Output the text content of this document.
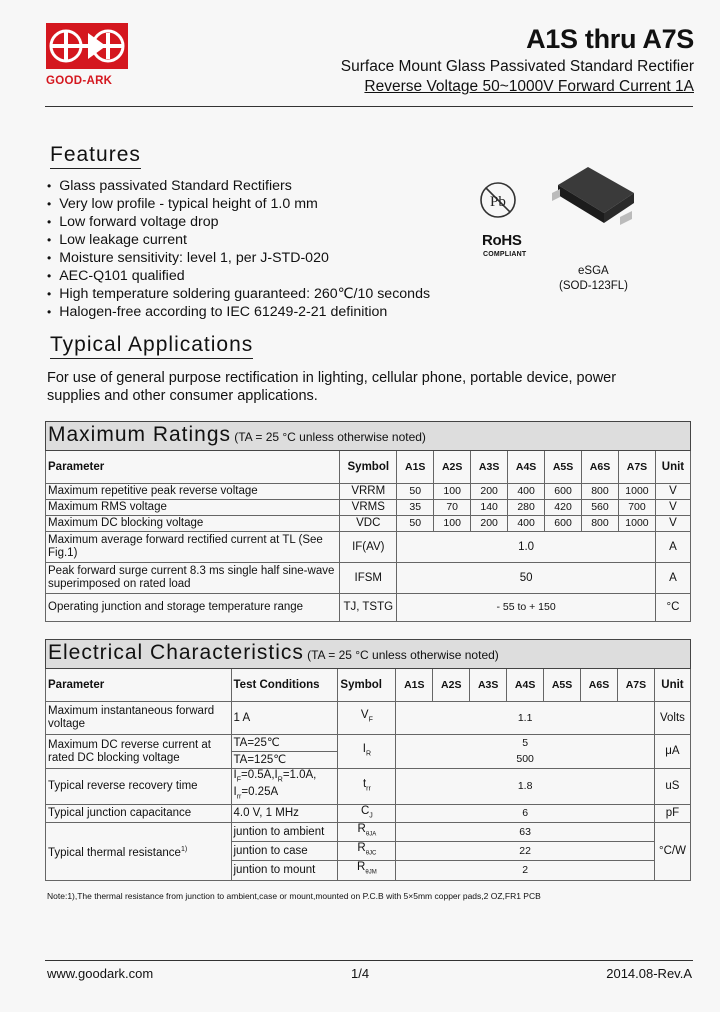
GOOD-ARK
A1S thru A7S
Surface Mount Glass Passivated Standard Rectifier
Reverse Voltage 50~1000V Forward Current 1A
Features
• Glass passivated Standard Rectifiers
• Very low profile - typical height of 1.0 mm
• Low forward voltage drop
• Low leakage current
• Moisture sensitivity: level 1, per J-STD-020
• AEC-Q101 qualified
• High temperature soldering guaranteed: 260℃/10 seconds
• Halogen-free according to IEC 61249-2-21 definition
Pb
RoHS
COMPLIANT
eSGA
(SOD-123FL)
Typical Applications
For use of general purpose rectification in lighting, cellular phone, portable device, power supplies and other consumer applications.
Maximum Ratings (TA = 25 °C unless otherwise noted)									
Parameter	Symbol	A1S	A2S	A3S	A4S	A5S	A6S	A7S	Unit
Maximum repetitive peak reverse voltage	VRRM	50	100	200	400	600	800	1000	V
Maximum RMS voltage	VRMS	35	70	140	280	420	560	700	V
Maximum DC blocking voltage	VDC	50	100	200	400	600	800	1000	V
Maximum average forward rectified current at TL (See Fig.1)	IF(AV)	1.0							A
Peak forward surge current 8.3 ms single half sine-wave superimposed on rated load	IFSM	50							A
Operating junction and storage temperature range	TJ, TSTG	- 55 to + 150							°C
Electrical Characteristics (TA = 25 °C unless otherwise noted)										
Parameter	Test Conditions	Symbol	A1S	A2S	A3S	A4S	A5S	A6S	A7S	Unit
Maximum instantaneous forward voltage	1 A	$V_F$	1.1							Volts
Maximum DC reverse current at rated DC blocking voltage	TA=25℃	$I_R$	5							μA
	TA=125℃		500							
Typical reverse recovery time	$I_F=0.5A,I_R=1.0A$,
$I_{rr}=0.25A$	$t_{rr}$	1.8							uS
Typical junction capacitance	4.0 V, 1 MHz	$C_J$	6							pF
Typical thermal resistance$^{1)}$	juntion to ambient	$R_{\theta JA}$	63							°C/W
	juntion to case	$R_{\theta JC}$	22							
	juntion to mount	$R_{\theta JM}$	2							
Note:1),The thermal resistance from junction to ambient,case or mount,mounted on P.C.B with 5×5mm copper pads,2 OZ,FR1 PCB
www.goodark.com	1/4	2014.08-Rev.A
